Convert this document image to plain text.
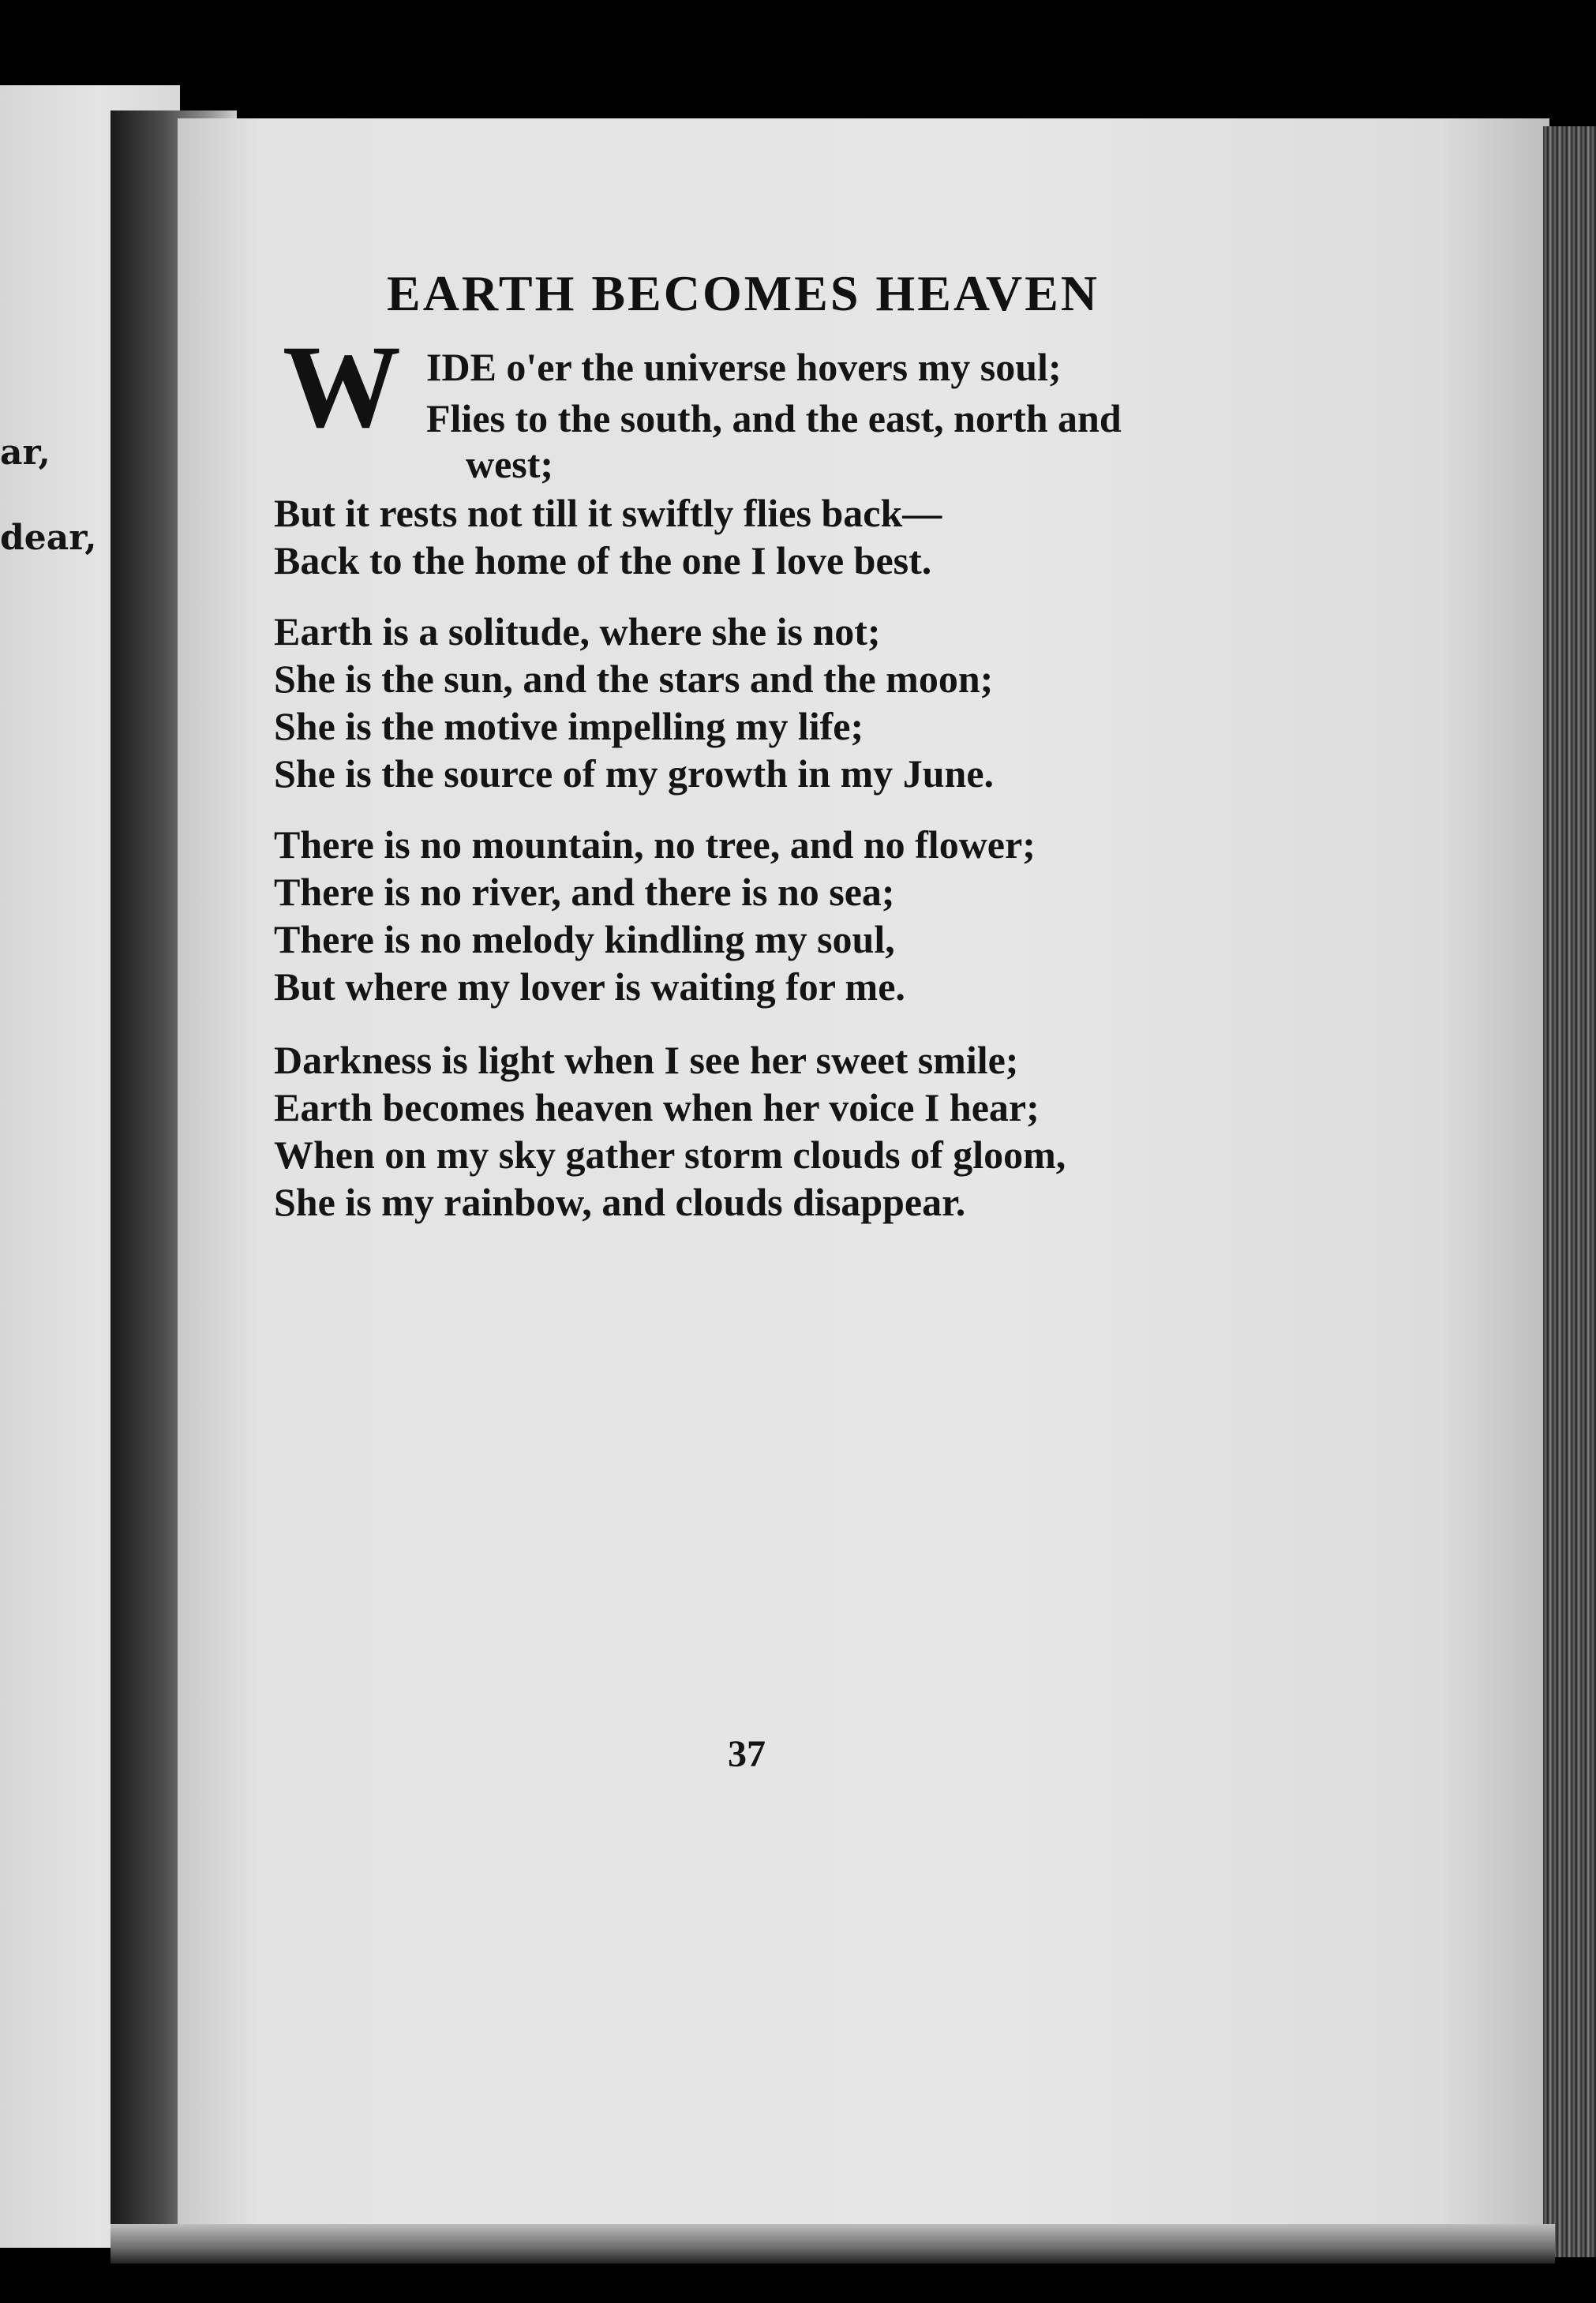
ar,
dear,
EARTH BECOMES HEAVEN
W IDE o'er the universe hovers my soul;
Flies to the south, and the east, north and
west;
But it rests not till it swiftly flies back—
Back to the home of the one I love best.
Earth is a solitude, where she is not;
She is the sun, and the stars and the moon;
She is the motive impelling my life;
She is the source of my growth in my June.
There is no mountain, no tree, and no flower;
There is no river, and there is no sea;
There is no melody kindling my soul,
But where my lover is waiting for me.
Darkness is light when I see her sweet smile;
Earth becomes heaven when her voice I hear;
When on my sky gather storm clouds of gloom,
She is my rainbow, and clouds disappear.
37
